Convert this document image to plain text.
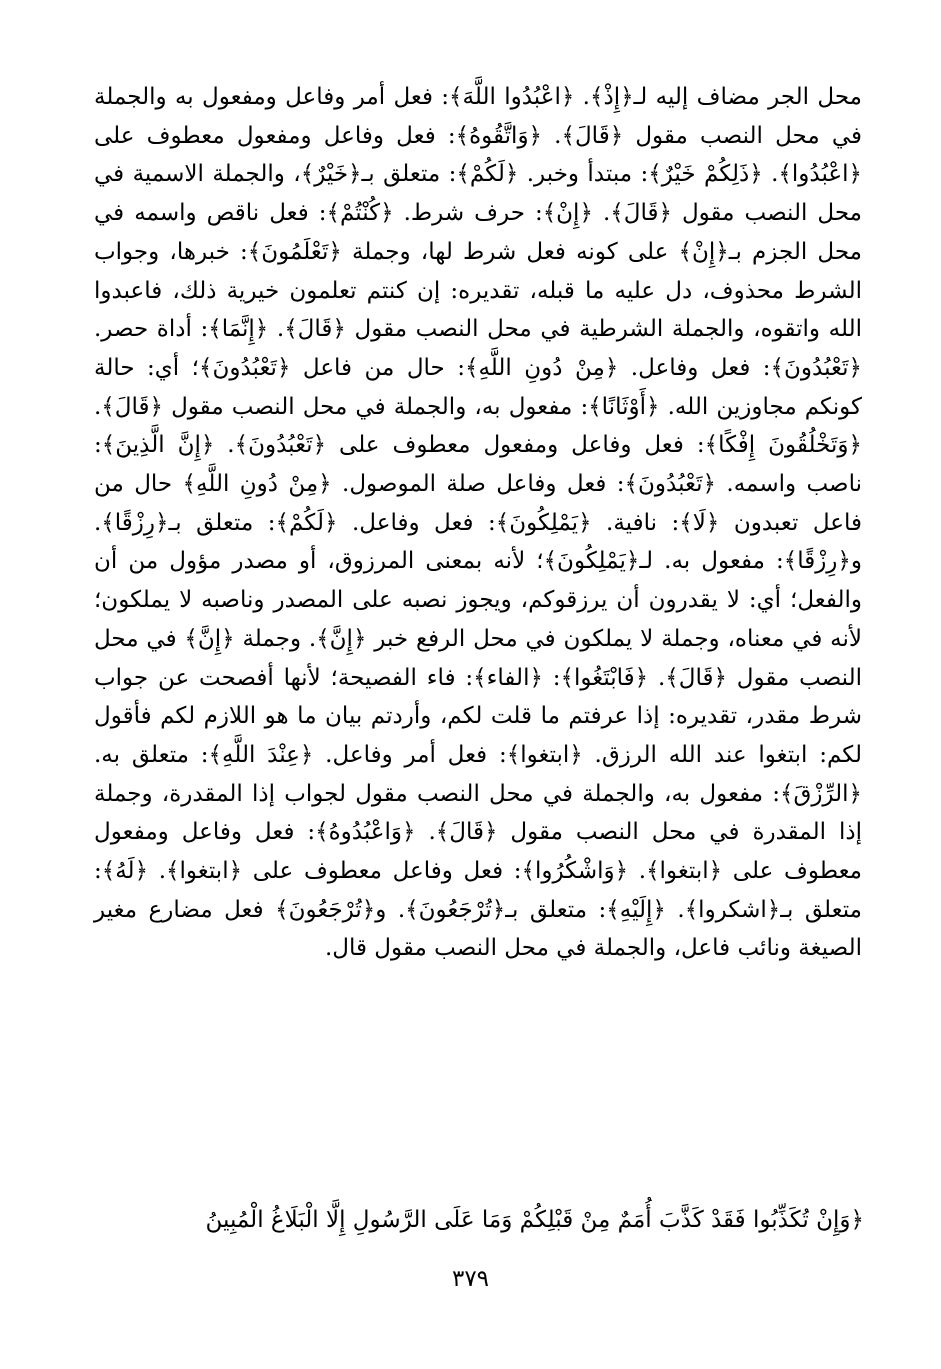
محل الجر مضاف إليه لـ﴿إِذْ﴾. ﴿اعْبُدُوا اللَّهَ﴾: فعل أمر وفاعل ومفعول به والجملة في محل النصب مقول ﴿قَالَ﴾. ﴿وَاتَّقُوهُ﴾: فعل وفاعل ومفعول معطوف على ﴿اعْبُدُوا﴾. ﴿ذَلِكُمْ خَيْرٌ﴾: مبتدأ وخبر. ﴿لَكُمْ﴾: متعلق بـ﴿خَيْرٌ﴾، والجملة الاسمية في محل النصب مقول ﴿قَالَ﴾. ﴿إِنْ﴾: حرف شرط. ﴿كُنْتُمْ﴾: فعل ناقص واسمه في محل الجزم بـ﴿إِنْ﴾ على كونه فعل شرط لها، وجملة ﴿تَعْلَمُونَ﴾: خبرها، وجواب الشرط محذوف، دل عليه ما قبله، تقديره: إن كنتم تعلمون خيرية ذلك، فاعبدوا الله واتقوه، والجملة الشرطية في محل النصب مقول ﴿قَالَ﴾. ﴿إِنَّمَا﴾: أداة حصر. ﴿تَعْبُدُونَ﴾: فعل وفاعل. ﴿مِنْ دُونِ اللَّهِ﴾: حال من فاعل ﴿تَعْبُدُونَ﴾؛ أي: حالة كونكم مجاوزين الله. ﴿أَوْثَانًا﴾: مفعول به، والجملة في محل النصب مقول ﴿قَالَ﴾. ﴿وَتَخْلُقُونَ إِفْكًا﴾: فعل وفاعل ومفعول معطوف على ﴿تَعْبُدُونَ﴾. ﴿إِنَّ الَّذِينَ﴾: ناصب واسمه. ﴿تَعْبُدُونَ﴾: فعل وفاعل صلة الموصول. ﴿مِنْ دُونِ اللَّهِ﴾ حال من فاعل تعبدون ﴿لَا﴾: نافية. ﴿يَمْلِكُونَ﴾: فعل وفاعل. ﴿لَكُمْ﴾: متعلق بـ﴿رِزْقًا﴾. و﴿رِزْقًا﴾: مفعول به. لـ﴿يَمْلِكُونَ﴾؛ لأنه بمعنى المرزوق، أو مصدر مؤول من أن والفعل؛ أي: لا يقدرون أن يرزقوكم، ويجوز نصبه على المصدر وناصبه لا يملكون؛ لأنه في معناه، وجملة لا يملكون في محل الرفع خبر ﴿إِنَّ﴾. وجملة ﴿إِنَّ﴾ في محل النصب مقول ﴿قَالَ﴾. ﴿فَابْتَغُوا﴾: ﴿الفاء﴾: فاء الفصيحة؛ لأنها أفصحت عن جواب شرط مقدر، تقديره: إذا عرفتم ما قلت لكم، وأردتم بيان ما هو اللازم لكم فأقول لكم: ابتغوا عند الله الرزق. ﴿ابتغوا﴾: فعل أمر وفاعل. ﴿عِنْدَ اللَّهِ﴾: متعلق به. ﴿الرِّزْقَ﴾: مفعول به، والجملة في محل النصب مقول لجواب إذا المقدرة، وجملة إذا المقدرة في محل النصب مقول ﴿قَالَ﴾. ﴿وَاعْبُدُوهُ﴾: فعل وفاعل ومفعول معطوف على ﴿ابتغوا﴾. ﴿وَاشْكُرُوا﴾: فعل وفاعل معطوف على ﴿ابتغوا﴾. ﴿لَهُ﴾: متعلق بـ﴿اشكروا﴾. ﴿إِلَيْهِ﴾: متعلق بـ﴿تُرْجَعُونَ﴾. و﴿تُرْجَعُونَ﴾ فعل مضارع مغير الصيغة ونائب فاعل، والجملة في محل النصب مقول قال.

﴿وَإِنْ تُكَذِّبُوا فَقَدْ كَذَّبَ أُمَمٌ مِنْ قَبْلِكُمْ وَمَا عَلَى الرَّسُولِ إِلَّا الْبَلَاغُ الْمُبِينُ
٣٧٩
